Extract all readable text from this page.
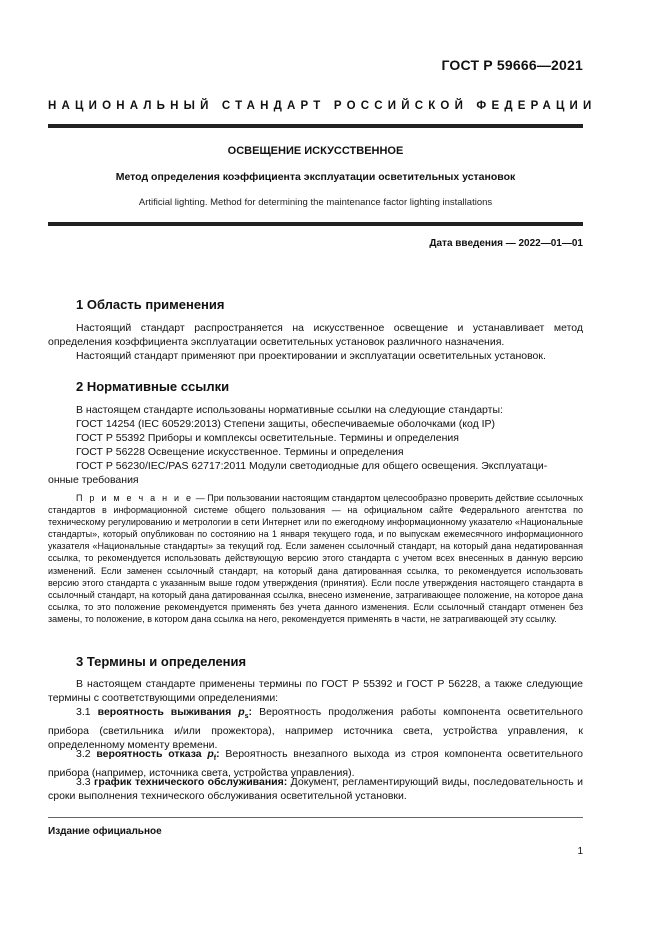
ГОСТ Р 59666—2021
НАЦИОНАЛЬНЫЙ СТАНДАРТ РОССИЙСКОЙ ФЕДЕРАЦИИ
ОСВЕЩЕНИЕ ИСКУССТВЕННОЕ
Метод определения коэффициента эксплуатации осветительных установок
Artificial lighting. Method for determining the maintenance factor lighting installations
Дата введения — 2022—01—01
1 Область применения
Настоящий стандарт распространяется на искусственное освещение и устанавливает метод определения коэффициента эксплуатации осветительных установок различного назначения.
Настоящий стандарт применяют при проектировании и эксплуатации осветительных установок.
2 Нормативные ссылки
В настоящем стандарте использованы нормативные ссылки на следующие стандарты:
ГОСТ 14254 (IEC 60529:2013) Степени защиты, обеспечиваемые оболочками (код IP)
ГОСТ Р 55392 Приборы и комплексы осветительные. Термины и определения
ГОСТ Р 56228 Освещение искусственное. Термины и определения
ГОСТ Р 56230/IEC/PAS 62717:2011 Модули светодиодные для общего освещения. Эксплуатаци-
онные требования
П р и м е ч а н и е — При пользовании настоящим стандартом целесообразно проверить действие ссылочных стандартов в информационной системе общего пользования — на официальном сайте Федерального агентства по техническому регулированию и метрологии в сети Интернет или по ежегодному информационному указателю «Национальные стандарты», который опубликован по состоянию на 1 января текущего года, и по выпускам ежемесячного информационного указателя «Национальные стандарты» за текущий год. Если заменен ссылочный стандарт, на который дана недатированная ссылка, то рекомендуется использовать действующую версию этого стандарта с учетом всех внесенных в данную версию изменений. Если заменен ссылочный стандарт, на который дана датированная ссылка, то рекомендуется использовать версию этого стандарта с указанным выше годом утверждения (принятия). Если после утверждения настоящего стандарта в ссылочный стандарт, на который дана датированная ссылка, внесено изменение, затрагивающее положение, на которое дана ссылка, то это положение рекомендуется применять без учета данного изменения. Если ссылочный стандарт отменен без замены, то положение, в котором дана ссылка на него, рекомендуется применять в части, не затрагивающей эту ссылку.
3 Термины и определения
В настоящем стандарте применены термины по ГОСТ Р 55392 и ГОСТ Р 56228, а также следующие термины с соответствующими определениями:
3.1 вероятность выживания $p_s$: Вероятность продолжения работы компонента осветительного прибора (светильника и/или прожектора), например источника света, устройства управления, к определенному моменту времени.
3.2 вероятность отказа $p_f$: Вероятность внезапного выхода из строя компонента осветительного прибора (например, источника света, устройства управления).
3.3 график технического обслуживания: Документ, регламентирующий виды, последовательность и сроки выполнения технического обслуживания осветительной установки.
Издание официальное
1
